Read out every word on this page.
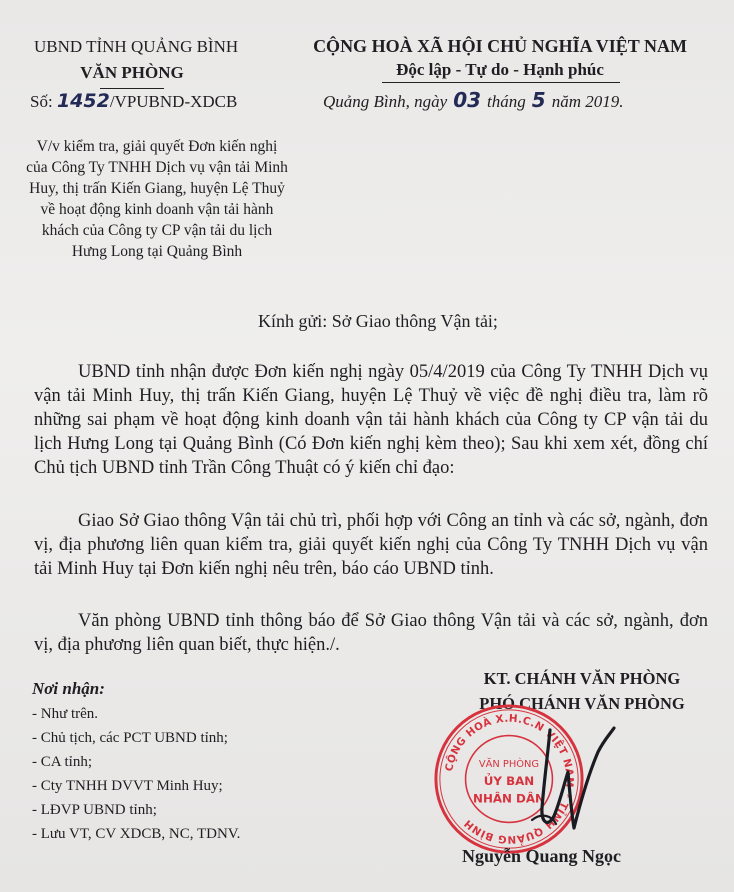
UBND TỈNH QUẢNG BÌNH
VĂN PHÒNG
CỘNG HOÀ XÃ HỘI CHỦ NGHĨA VIỆT NAM
Độc lập - Tự do - Hạnh phúc
Số: 1452/VPUBND-XDCB	Quảng Bình, ngày 03 tháng 5 năm 2019.
V/v kiểm tra, giải quyết Đơn kiến nghị của Công Ty TNHH Dịch vụ vận tải Minh Huy, thị trấn Kiến Giang, huyện Lệ Thuỷ về hoạt động kinh doanh vận tải hành khách của Công ty CP vận tải du lịch Hưng Long tại Quảng Bình
Kính gửi: Sở Giao thông Vận tải;

UBND tỉnh nhận được Đơn kiến nghị ngày 05/4/2019 của Công Ty TNHH Dịch vụ vận tải Minh Huy, thị trấn Kiến Giang, huyện Lệ Thuỷ về việc đề nghị điều tra, làm rõ những sai phạm về hoạt động kinh doanh vận tải hành khách của Công ty CP vận tải du lịch Hưng Long tại Quảng Bình (Có Đơn kiến nghị kèm theo); Sau khi xem xét, đồng chí Chủ tịch UBND tỉnh Trần Công Thuật có ý kiến chỉ đạo:

Giao Sở Giao thông Vận tải chủ trì, phối hợp với Công an tỉnh và các sở, ngành, đơn vị, địa phương liên quan kiểm tra, giải quyết kiến nghị của Công Ty TNHH Dịch vụ vận tải Minh Huy tại Đơn kiến nghị nêu trên, báo cáo UBND tỉnh.

Văn phòng UBND tỉnh thông báo để Sở Giao thông Vận tải và các sở, ngành, đơn vị, địa phương liên quan biết, thực hiện./.

KT. CHÁNH VĂN PHÒNG
PHÓ CHÁNH VĂN PHÒNG
CỘNG HOÀ X.H.C.N VIỆT NAM * TỈNH QUẢNG BÌNH
VĂN PHÒNG
ỦY BAN
NHÂN DÂN
Nguyễn Quang Ngọc
Nơi nhận:
- Như trên.
- Chủ tịch, các PCT UBND tỉnh;
- CA tỉnh;
- Cty TNHH DVVT Minh Huy;
- LĐVP UBND tỉnh;
- Lưu VT, CV XDCB, NC, TDNV.
